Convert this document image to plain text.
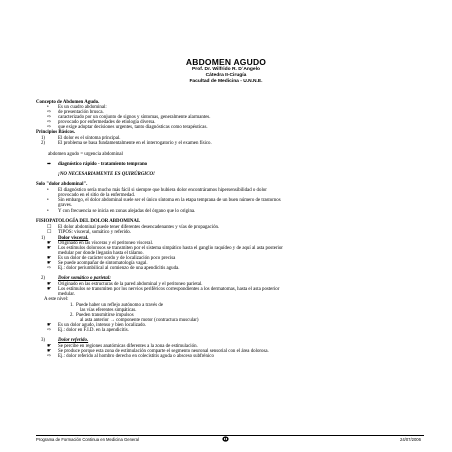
ABDOMEN AGUDO
Prof. Dr. Wilfrido R. D´Angelo
Cátedra II-Cirugía
Facultad de Medicina - U.N.N.E.
Concepto de Abdomen Agudo.
• Es un cuadro abdominal:
⇨ de presentación brusca.
⇨ caracterizado por un conjunto de signos y síntomas, generalmente alarmantes.
⇨ provocado por enfermedades de etiología diversa.
⇨ que exige adoptar decisiones urgentes, tanto diagnósticas como terapéuticas.
Principios Básicos.
1)	El dolor es el síntoma principal.
2)	El problema se basa fundamentalmente en el interrogatorio y el examen físico.
abdomen agudo = urgencia abdominal
➡ diagnóstico rápido - tratamiento temprano
¡NO NECESARIAMENTE ES QUIRÚRGICO!
Solo "dolor abdominal".
• El diagnóstico sería mucho más fácil si siempre que hubiera dolor encontráramos hipersensibilidad o dolor
provocado en el sitio de la enfermedad.
• Sin embargo, el dolor abdominal suele ser el único síntoma en la etapa temprana de un buen número de trastornos
graves.
• Y con frecuencia se inicia en zonas alejadas del órgano que lo origina.
FISIOPATOLOGÍA DEL DOLOR ABDOMINAL
☐ El dolor abdominal puede tener diferentes desencadenantes y vías de propagación.
☐ TIPOS: visceral, somático y referido.
1)	Dolor visceral.
☛ Originado en las vísceras y el peritoneo visceral.
☛ Los estímulos dolorosos se transmiten por el sistema simpático hasta el ganglio raquídeo y de aquí al asta posterior
medular por donde llegarán hasta el tálamo.
☛ Es un dolor de carácter sordo y de localización poco precisa
☛ Se puede acompañar de sintomatología vagal.
⇨ Ej.: dolor periumbilical al comienzo de una apendicitis aguda.
2)	Dolor somático o parietal:
☛ Originado en las estructuras de la pared abdominal y el peritoneo parietal.
☛ Los estímulos se transmiten por los nervios periféricos correspondientes a los dermatomas, hasta el asta posterior
medular.
A este nivel:
1. Puede haber un reflejo autónomo a través de
las vías eferentes simpáticas.
2. Pueden transmitirse impulsos
al asta anterior → componente motor (contractura muscular)
☛ Es un dolor agudo, intenso y bien localizado.
⇨ Ej.: dolor en F.I.D. en la apendicitis.
3)	Dolor referido.
☛ Se percibe en regiones anatómicas diferentes a la zona de estimulación.
☛ Se produce porque esta zona de estimulación comparte el segmento neuronal sensorial con el área dolorosa.
⇨ Ej.: dolor referido al hombro derecho en colecistitis aguda o absceso subfrénico
Programa de Formación Continua en Medicina General	24/07/2006
